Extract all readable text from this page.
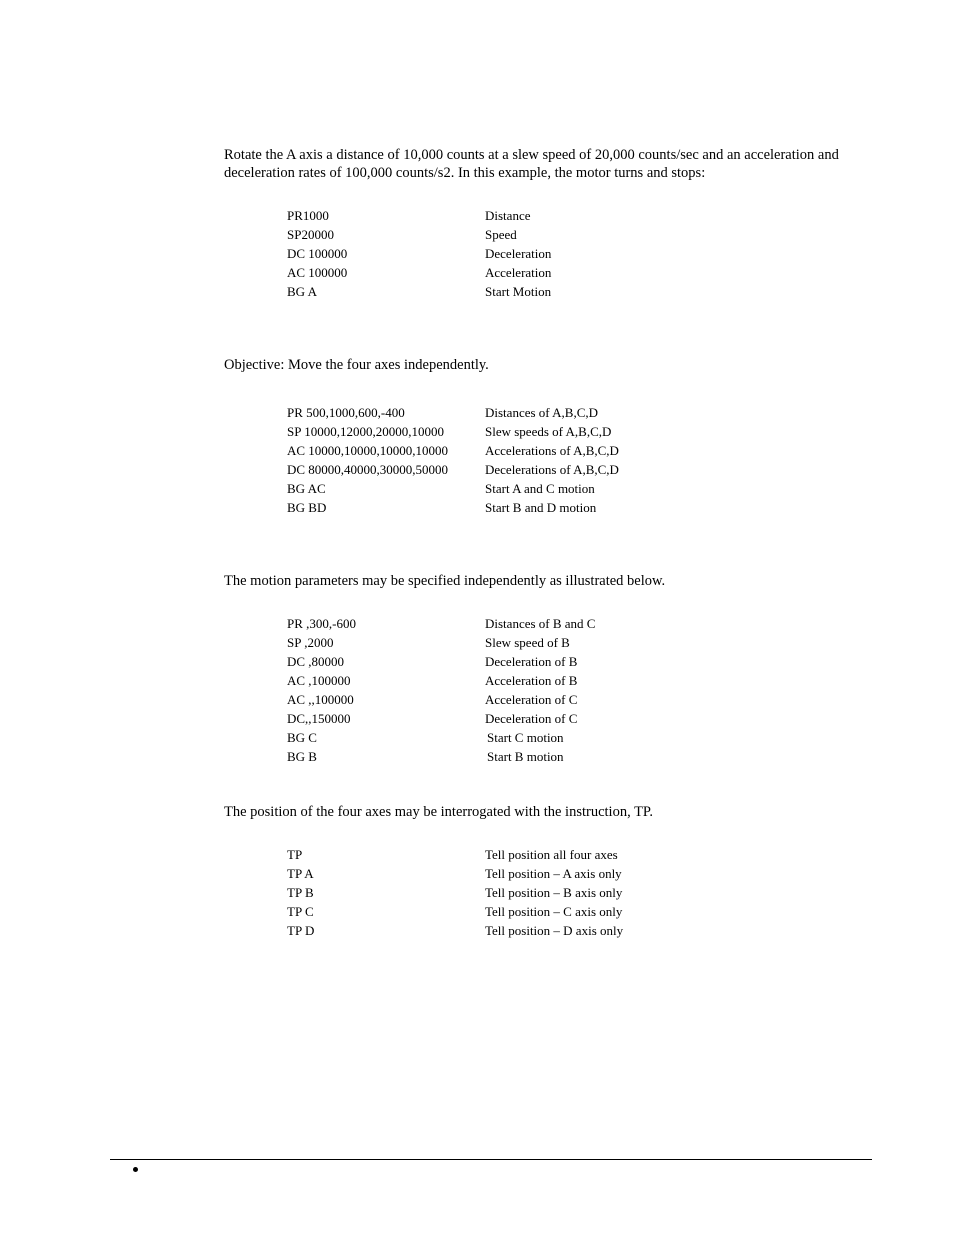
Rotate the A axis a distance of 10,000 counts at a slew speed of 20,000 counts/sec and an acceleration and deceleration rates of 100,000 counts/s2. In this example, the motor turns and stops:

PR1000	Distance
SP20000	Speed
DC 100000	Deceleration
AC 100000	Acceleration
BG A	Start Motion

Objective: Move the four axes independently.

PR 500,1000,600,-400	Distances of A,B,C,D
SP 10000,12000,20000,10000	Slew speeds of A,B,C,D
AC 10000,10000,10000,10000	Accelerations of A,B,C,D
DC 80000,40000,30000,50000	Decelerations of A,B,C,D
BG AC	Start A and C motion
BG BD	Start B and D motion

The motion parameters may be specified independently as illustrated below.

PR ,300,-600	Distances of B and C
SP ,2000	Slew speed of B
DC ,80000	Deceleration of B
AC ,100000	Acceleration of B
AC ,,100000	Acceleration of C
DC,,150000	Deceleration of C
BG C	Start C motion
BG B	Start B motion

The position of the four axes may be interrogated with the instruction, TP.

TP	Tell position all four axes
TP A	Tell position – A axis only
TP B	Tell position – B axis only
TP C	Tell position – C axis only
TP D	Tell position – D axis only
